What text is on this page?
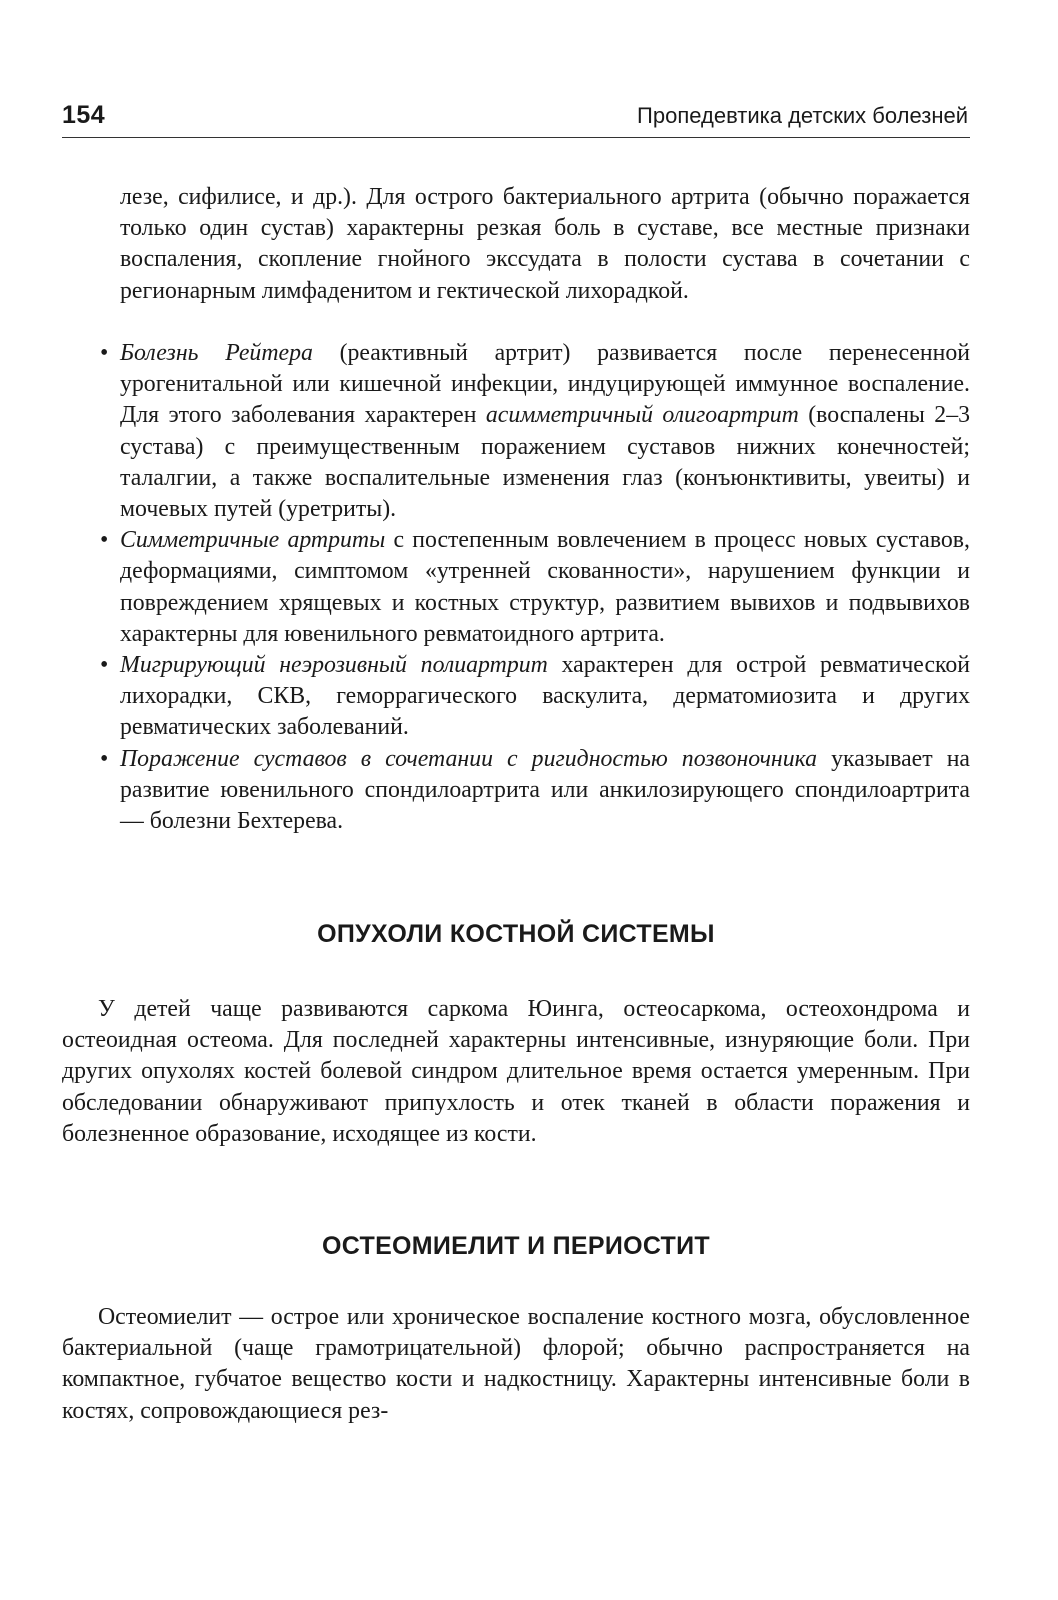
154	Пропедевтика детских болезней

лезе, сифилисе, и др.). Для острого бактериального артрита (обычно поражается только один сустав) характерны резкая боль в суставе, все местные признаки воспаления, скопление гнойного экссудата в полости сустава в сочетании с регионарным лимфаденитом и гектической лихорадкой.

• Болезнь Рейтера (реактивный артрит) развивается после перенесенной урогенитальной или кишечной инфекции, индуцирующей иммунное воспаление. Для этого заболевания характерен асимметричный олигоартрит (воспалены 2–3 сустава) с преимущественным поражением суставов нижних конечностей; талалгии, а также воспалительные изменения глаз (конъюнктивиты, увеиты) и мочевых путей (уретриты).
• Симметричные артриты с постепенным вовлечением в процесс новых суставов, деформациями, симптомом «утренней скованности», нарушением функции и повреждением хрящевых и костных структур, развитием вывихов и подвывихов характерны для ювенильного ревматоидного артрита.
• Мигрирующий неэрозивный полиартрит характерен для острой ревматической лихорадки, СКВ, геморрагического васкулита, дерматомиозита и других ревматических заболеваний.
• Поражение суставов в сочетании с ригидностью позвоночника указывает на развитие ювенильного спондилоартрита или анкилозирующего спондилоартрита — болезни Бехтерева.
ОПУХОЛИ КОСТНОЙ СИСТЕМЫ

У детей чаще развиваются саркома Юинга, остеосаркома, остеохондрома и остеоидная остеома. Для последней характерны интенсивные, изнуряющие боли. При других опухолях костей болевой синдром длительное время остается умеренным. При обследовании обнаруживают припухлость и отек тканей в области поражения и болезненное образование, исходящее из кости.

ОСТЕОМИЕЛИТ И ПЕРИОСТИТ

Остеомиелит — острое или хроническое воспаление костного мозга, обусловленное бактериальной (чаще грамотрицательной) флорой; обычно распространяется на компактное, губчатое вещество кости и надкостницу. Характерны интенсивные боли в костях, сопровождающиеся рез-
